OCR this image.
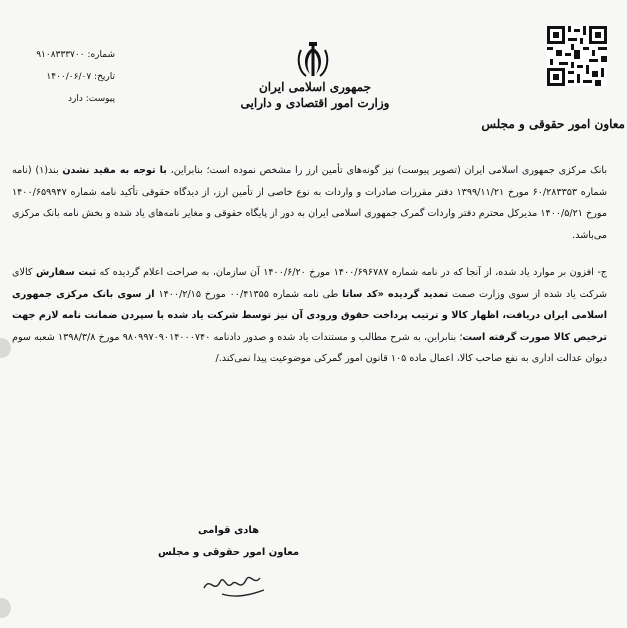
شماره: ۹۱۰۸۳۳۳۷۰۰
تاریخ: ۱۴۰۰/۰۶/۰۷
پیوست: دارد
جمهوری اسلامی ایران
وزارت امور اقتصادی و دارایی
معاون امور حقوقی و مجلس

بانک مرکزی جمهوری اسلامی ایران (تصویر پیوست) نیز گونه‌های تأمین ارز را مشخص نموده است؛ بنابراین، با توجه به مقید نشدن بند(۱) (نامه شماره ۶۰/۲۸۳۳۵۳ مورخ ۱۳۹۹/۱۱/۲۱ دفتر مقررات صادرات و واردات به نوع خاصی از تأمین ارز، از دیدگاه حقوقی تأکید نامه شماره ۱۴۰۰/۶۵۹۹۴۷ مورخ ۱۴۰۰/۵/۲۱ مدیرکل محترم دفتر واردات گمرک جمهوری اسلامی ایران به دور از پایگاه حقوقی و مغایر نامه‌های یاد شده و بخش نامه بانک مرکزی می‌باشد.

ج- افزون بر موارد یاد شده، از آنجا که در نامه شماره ۱۴۰۰/۶۹۶۷۸۷ مورخ ۱۴۰۰/۶/۲۰ آن سازمان، به صراحت اعلام گردیده که ثبت سفارش کالای شرکت یاد شده از سوی وزارت صمت تمدید گردیده «کد ساتا طی نامه شماره ۰۰/۴۱۳۵۵ مورخ ۱۴۰۰/۲/۱۵ از سوی بانک مرکزی جمهوری اسلامی ایران دریافت، اظهار کالا و ترتیب پرداخت حقوق ورودی آن نیز توسط شرکت یاد شده با سپردن ضمانت نامه لازم جهت ترخیص کالا صورت گرفته است؛ بنابراین، به شرح مطالب و مستندات یاد شده و صدور دادنامه ۹۸۰۹۹۷۰۹۰۱۴۰۰۰۷۴۰ مورخ ۱۳۹۸/۳/۸ شعبه سوم دیوان عدالت اداری به نفع صاحب کالا، اعمال ماده ۱۰۵ قانون امور گمرکی موضوعیت پیدا نمی‌کند./

هادی قوامی
معاون امور حقوقی و مجلس
